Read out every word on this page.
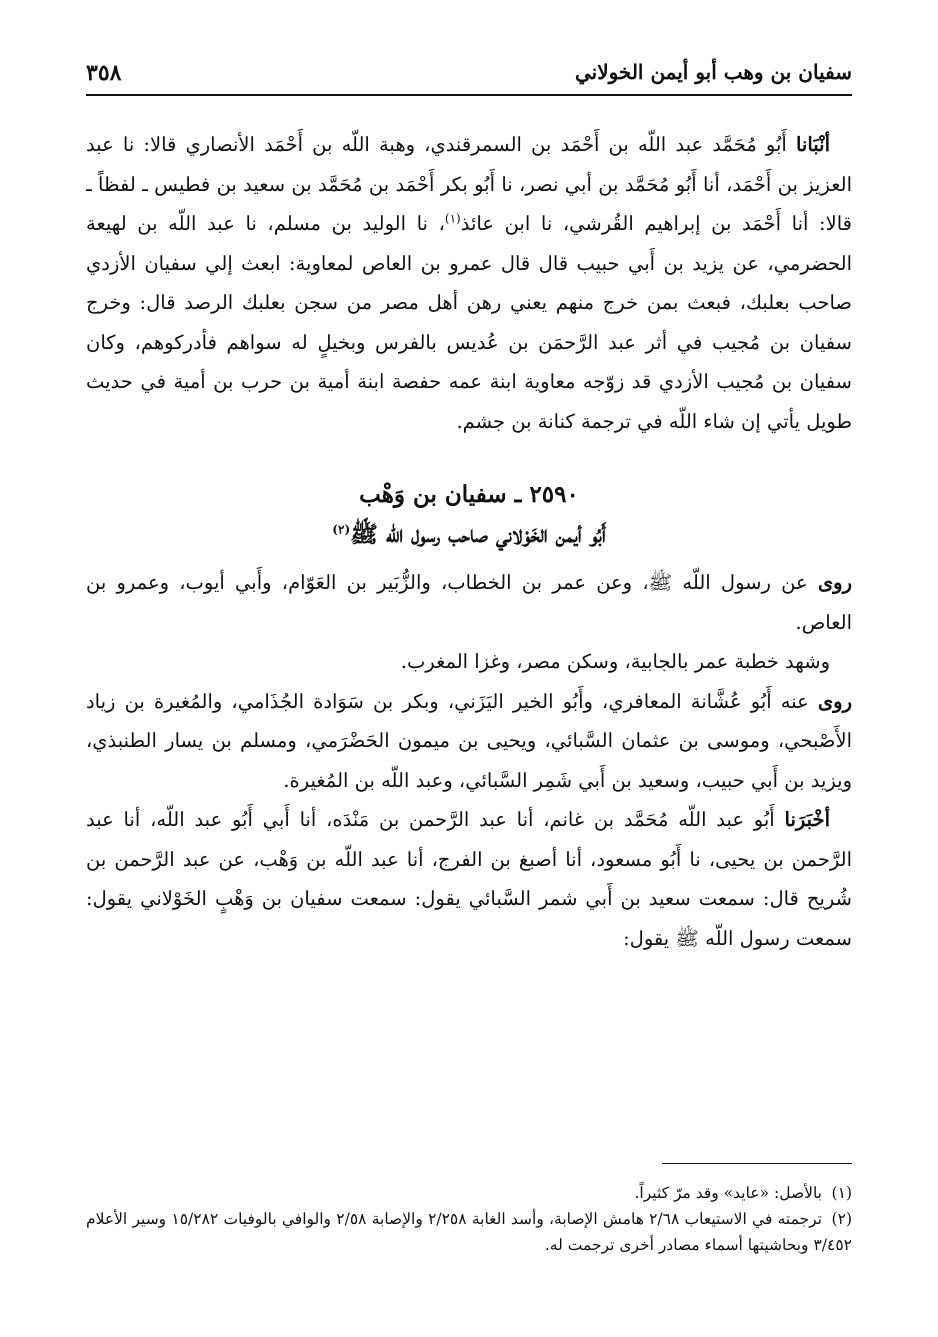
سفيان بن وهب أبو أيمن الخولاني
٣٥٨

أنْبَانا أَبُو مُحَمَّد عبد اللّه بن أَحْمَد بن السمرقندي، وهبة اللّه بن أَحْمَد الأنصاري قالا: نا عبد العزيز بن أَحْمَد، أنا أَبُو مُحَمَّد بن أبي نصر، نا أَبُو بكر أَحْمَد بن مُحَمَّد بن سعيد بن فطيس ـ لفظاً ـ قالا: أنا أَحْمَد بن إبراهيم القُرشي، نا ابن عائذ$^{(١)}$، نا الوليد بن مسلم، نا عبد اللّه بن لهيعة الحضرمي، عن يزيد بن أَبي حبيب قال قال عمرو بن العاص لمعاوية: ابعث إلي سفيان الأزدي صاحب بعلبك، فبعث بمن خرج منهم يعني رهن أهل مصر من سجن بعلبك الرصد قال: وخرج سفيان بن مُجيب في أثر عبد الرَّحمَن بن عُديس بالفرس وبخيلٍ له سواهم فأدركوهم، وكان سفيان بن مُجيب الأزدي قد زوّجه معاوية ابنة عمه حفصة ابنة أمية بن حرب بن أمية في حديث طويل يأتي إن شاء اللّه في ترجمة كنانة بن جشم.

٢٥٩٠ ـ سفيان بن وَهْب
أَبُو أيمن الخَوْلاني صاحب رسول اللّه ﷺ$^{(٢)}$

روى عن رسول اللّه ﷺ، وعن عمر بن الخطاب، والزُّبَير بن العَوّام، وأَبي أيوب، وعمرو بن العاص.

وشهد خطبة عمر بالجابية، وسكن مصر، وغزا المغرب.

روى عنه أَبُو عُشَّانة المعافري، وأَبُو الخير اليَزَني، وبكر بن سَوَادة الجُذَامي، والمُغيرة بن زياد الأَصْبحي، وموسى بن عثمان السَّبائي، ويحيى بن ميمون الحَضْرَمي، ومسلم بن يسار الطنبذي، ويزيد بن أَبي حبيب، وسعيد بن أَبي شَمِر السَّبائي، وعبد اللّه بن المُغيرة.

أخْبَرَنا أَبُو عبد اللّه مُحَمَّد بن غانم، أنا عبد الرَّحمن بن مَنْدَه، أنا أَبي أَبُو عبد اللّه، أنا عبد الرَّحمن بن يحيى، نا أَبُو مسعود، أنا أصبغ بن الفرج، أنا عبد اللّه بن وَهْب، عن عبد الرَّحمن بن شُريح قال: سمعت سعيد بن أَبي شمر السَّبائي يقول: سمعت سفيان بن وَهْبٍ الخَوْلاني يقول: سمعت رسول اللّه ﷺ يقول:

(١)بالأصل: «عايد» وقد مرّ كثيراً.

(٢)ترجمته في الاستيعاب ٢/٦٨ هامش الإصابة، وأسد الغابة ٢/٢٥٨ والإصابة ٢/٥٨ والوافي بالوفيات ١٥/٢٨٢ وسير الأعلام ٣/٤٥٢ وبحاشيتها أسماء مصادر أخرى ترجمت له.
